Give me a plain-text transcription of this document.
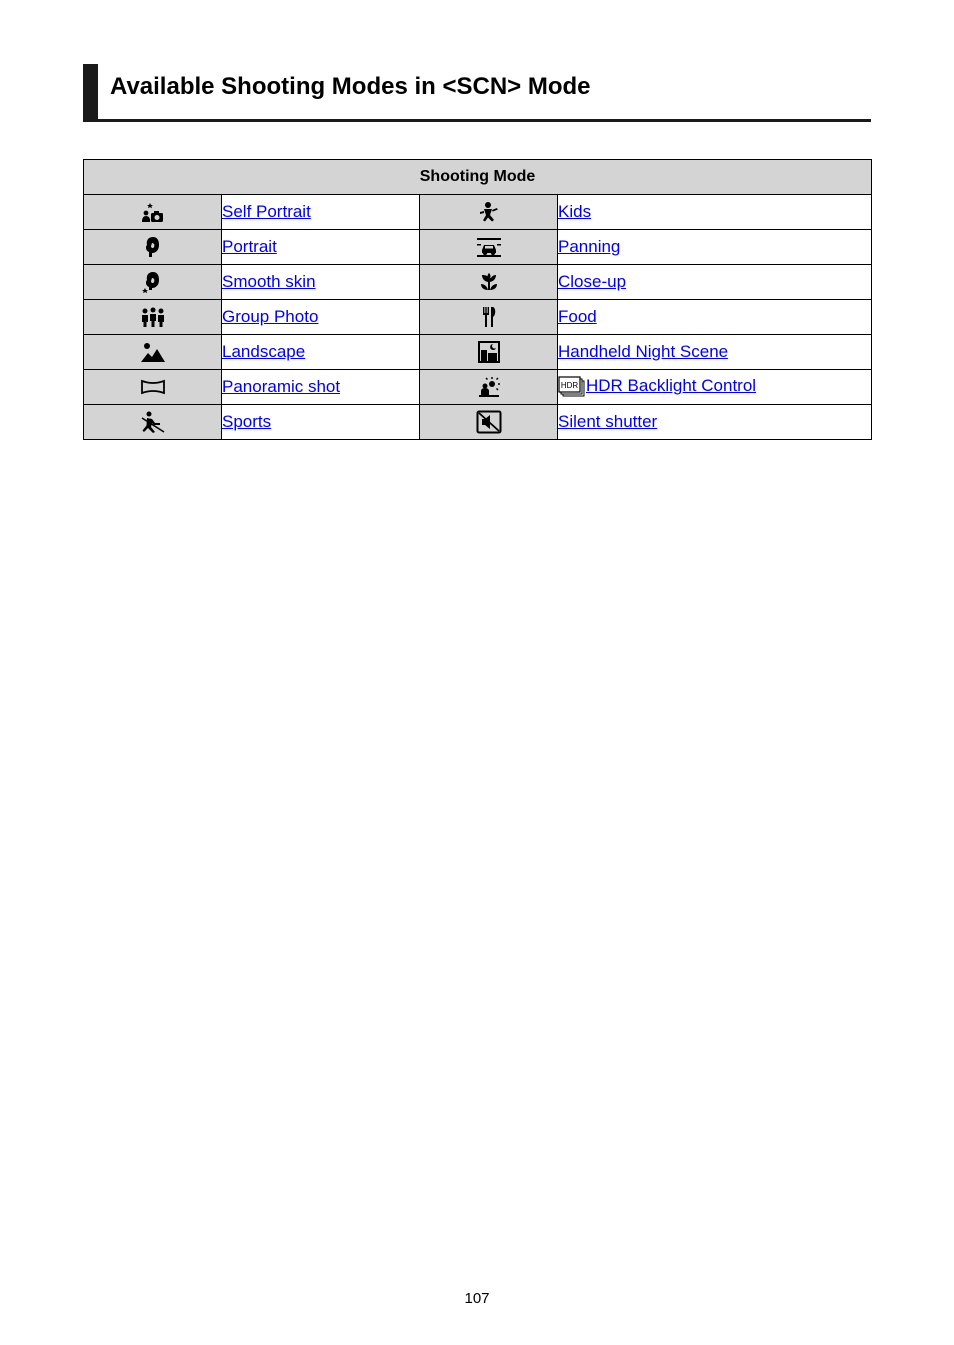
Available Shooting Modes in <SCN> Mode
Shooting Mode			

	Self Portrait		Kids

	Portrait		Panning

	Smooth skin		Close-up

	Group Photo		Food

	Landscape		Handheld Night Scene

	Panoramic shot		HDR HDR Backlight Control

	Sports		Silent shutter
107
